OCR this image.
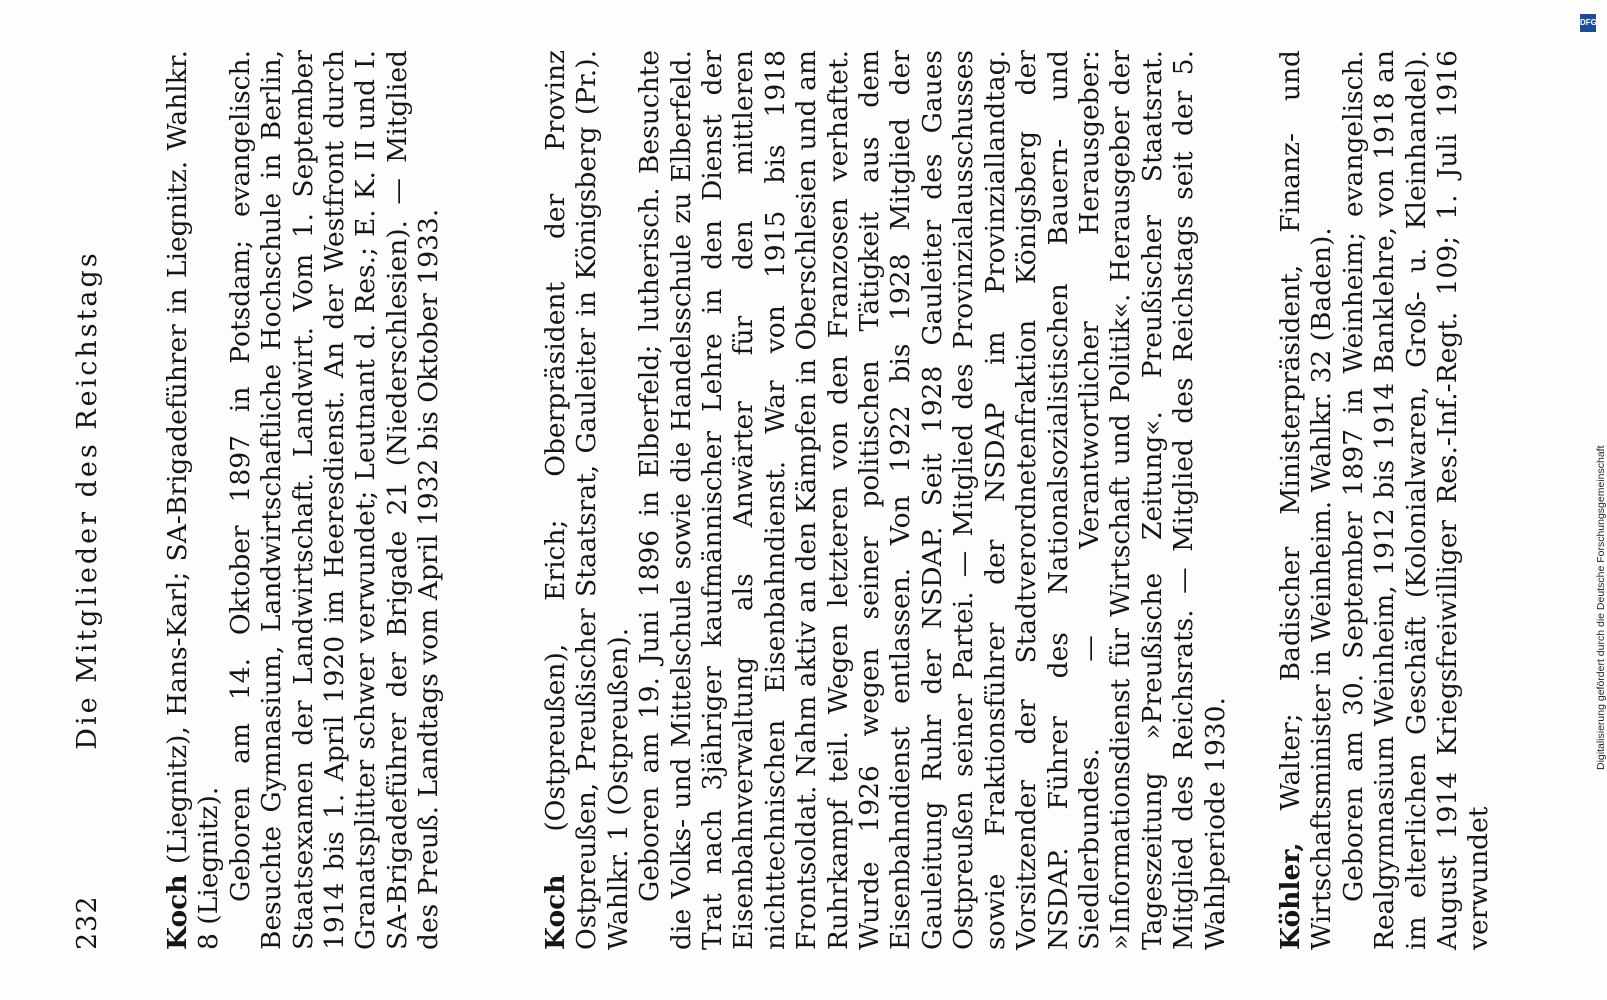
232
Die Mitglieder des Reichstags

Koch (Liegnitz), Hans-Karl; SA-Brigadeführer in Liegnitz. Wahlkr. 8 (Liegnitz). Geboren am 14. Oktober 1897 in Potsdam; evangelisch. Besuchte Gymnasium, Landwirtschaftliche Hochschule in Berlin, Staatsexamen der Landwirtschaft. Landwirt. Vom 1. September 1914 bis 1. April 1920 im Heeresdienst. An der Westfront durch Granatsplitter schwer verwundet; Leutnant d. Res.; E. K. II und I. SA-Brigadeführer der Brigade 21 (Niederschlesien). — Mitglied des Preuß. Landtags vom April 1932 bis Oktober 1933.	Koch (Ostpreußen), Erich; Oberpräsident der Provinz Ostpreußen, Preußischer Staatsrat, Gauleiter in Königsberg (Pr.). Wahlkr. 1 (Ostpreußen). Geboren am 19. Juni 1896 in Elberfeld; lutherisch. Besuchte die Volks- und Mittelschule sowie die Handelsschule zu Elberfeld. Trat nach 3jähriger kaufmännischer Lehre in den Dienst der Eisenbahnverwaltung als Anwärter für den mittleren nichttechnischen Eisenbahndienst. War von 1915 bis 1918 Frontsoldat. Nahm aktiv an den Kämpfen in Oberschlesien und am Ruhrkampf teil. Wegen letzteren von den Franzosen verhaftet. Wurde 1926 wegen seiner politischen Tätigkeit aus dem Eisenbahndienst entlassen. Von 1922 bis 1928 Mitglied der Gauleitung Ruhr der NSDAP. Seit 1928 Gauleiter des Gaues Ostpreußen seiner Partei. — Mitglied des Provinzialausschusses sowie Fraktionsführer der NSDAP im Provinziallandtag. Vorsitzender der Stadtverordnetenfraktion Königsberg der NSDAP. Führer des Nationalsozialistischen Bauern- und Siedlerbundes. — Verantwortlicher Herausgeber: »Informationsdienst für Wirtschaft und Politik«. Herausgeber der Tageszeitung »Preußische Zeitung«. Preußischer Staatsrat. Mitglied des Reichsrats. — Mitglied des Reichstags seit der 5. Wahlperiode 1930. Köhler, Walter; Badischer Ministerpräsident, Finanz- und Wirtschaftsminister in Weinheim. Wahlkr. 32 (Baden). Geboren am 30. September 1897 in Weinheim; evangelisch. Realgymnasium Weinheim, 1912 bis 1914 Banklehre, von 1918 an im elterlichen Geschäft (Kolonialwaren, Groß- u. Kleinhandel). August 1914 Kriegsfreiwilliger Res.-Inf.-Regt. 109; 1. Juli 1916 verwundet

DFG
Digitalisierung gefördert durch die Deutsche Forschungsgemeinschaft
